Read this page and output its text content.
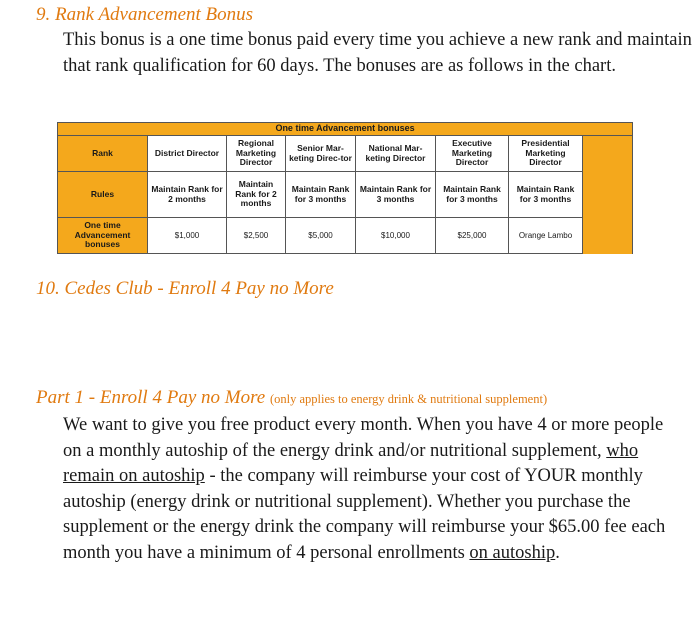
9. Rank Advancement Bonus
This bonus is a one time bonus paid every time you achieve a new rank and maintain that rank qualification for 60 days. The bonuses are as follows in the chart.
One time Advancement bonuses							
Rank	District Director	Regional Marketing Director	Senior Mar-keting Direc-tor	National Mar-keting Director	Executive Marketing Director	Presidential Marketing Director	
Rules	Maintain Rank for 2 months	Maintain Rank for 2 months	Maintain Rank for 3 months	Maintain Rank for 3 months	Maintain Rank for 3 months	Maintain Rank for 3 months	
One time Advancement bonuses	$1,000	$2,500	$5,000	$10,000	$25,000	Orange Lambo	
10. Cedes Club - Enroll 4 Pay no More
Part 1 - Enroll 4 Pay no More (only applies to energy drink & nutritional supplement)
We want to give you free product every month. When you have 4 or more people on a monthly autoship of the energy drink and/or nutritional supplement, who remain on autoship - the company will reimburse your cost of YOUR monthly autoship (energy drink or nutritional supplement). Whether you purchase the supplement or the energy drink the company will reimburse your $65.00 fee each month you have a minimum of 4 personal enrollments on autoship.
